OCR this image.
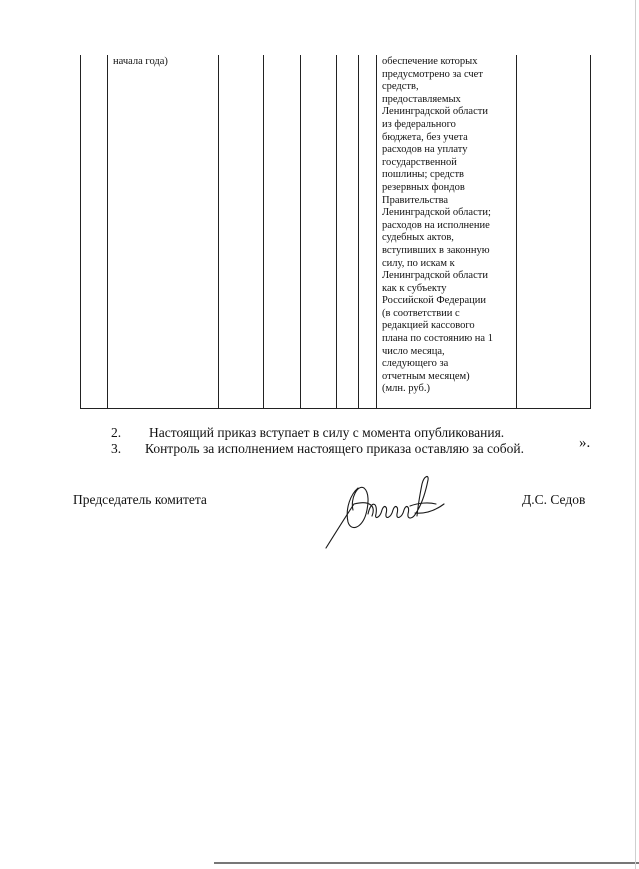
	начала года)						обеспечение которых
предусмотрено за счет
средств,
предоставляемых
Ленинградской области
из федерального
бюджета, без учета
расходов на уплату
государственной
пошлины; средств
резервных фондов
Правительства
Ленинградской области;
расходов на исполнение
судебных актов,
вступивших в законную
силу, по искам к
Ленинградской области
как к субъекту
Российской Федерации
(в соответствии с
редакцией кассового
плана по состоянию на 1
число месяца,
следующего за
отчетным месяцем)
(млн. руб.)

».
2. Настоящий приказ вступает в силу с момента опубликования.
3. Контроль за исполнением настоящего приказа оставляю за собой.
Председатель комитета	Д.С. Седов
